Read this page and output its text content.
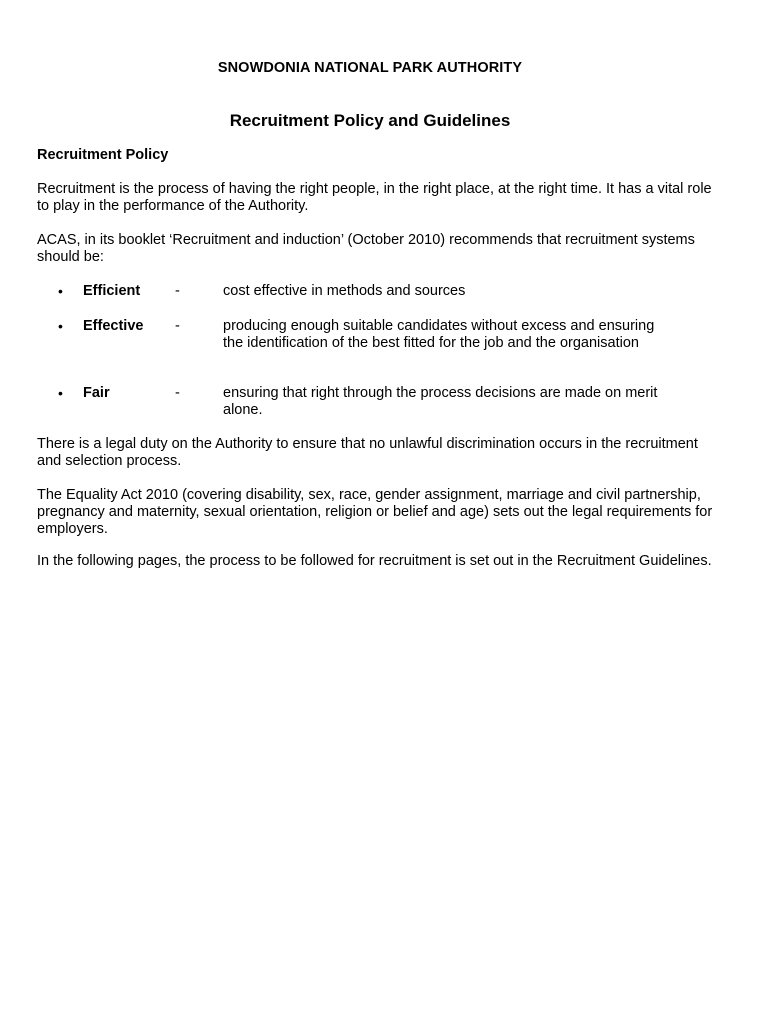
SNOWDONIA NATIONAL PARK AUTHORITY
Recruitment Policy and Guidelines
Recruitment Policy
Recruitment is the process of having the right people, in the right place, at the right time. It has a vital role to play in the performance of the Authority.
ACAS, in its booklet ‘Recruitment and induction’ (October 2010) recommends that recruitment systems should be:
• Efficient -	cost effective in methods and sources
• Effective -	producing enough suitable candidates without excess and ensuring the identification of the best fitted for the job and the organisation
• Fair	-	ensuring that right through the process decisions are made on merit alone.
There is a legal duty on the Authority to ensure that no unlawful discrimination occurs in the recruitment and selection process.
The Equality Act 2010 (covering disability, sex, race, gender assignment, marriage and civil partnership, pregnancy and maternity, sexual orientation, religion or belief and age) sets out the legal requirements for employers.
In the following pages, the process to be followed for recruitment is set out in the Recruitment Guidelines.
